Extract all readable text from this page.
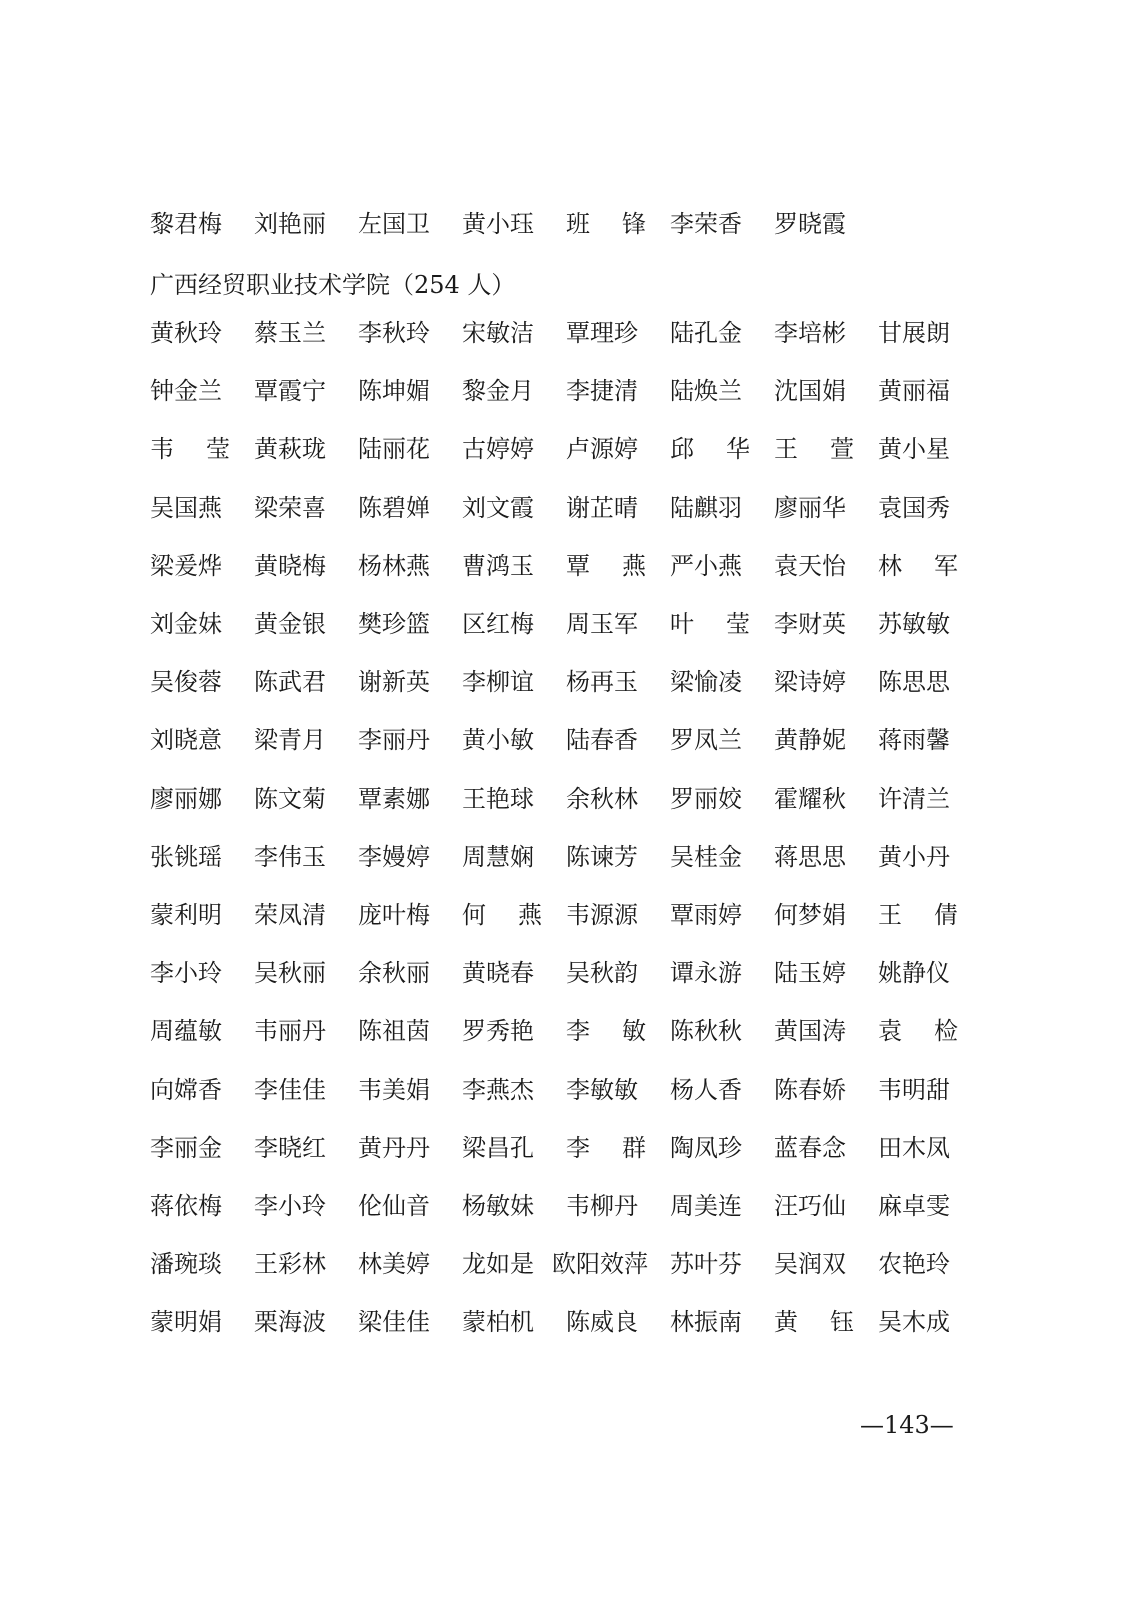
黎君梅 刘艳丽 左国卫 黄小珏 班锋
李荣香 罗晓霞
广西经贸职业技术学院（254 人）
黄秋玲 蔡玉兰 李秋玲 宋敏洁 覃理珍 陆孔金 李培彬 甘展朗
钟金兰 覃霞宁 陈坤媚 黎金月 李捷清 陆焕兰 沈国娟 黄丽福
韦莹
黄萩珑 陆丽花 古婷婷 卢源婷 邱华
王萱
黄小星
吴国燕 梁荣喜 陈碧婵 刘文霞 谢芷晴 陆麒羽 廖丽华 袁国秀
梁爰烨 黄晓梅 杨林燕 曹鸿玉 覃燕
严小燕 袁天怡 林军
刘金妹 黄金银 樊珍篮 区红梅 周玉军 叶莹
李财英 苏敏敏
吴俊蓉 陈武君 谢新英 李柳谊 杨再玉 梁愉凌 梁诗婷 陈思思
刘晓意 梁青月 李丽丹 黄小敏 陆春香 罗凤兰 黄静妮 蒋雨馨
廖丽娜 陈文菊 覃素娜 王艳球 余秋林 罗丽姣 霍耀秋 许清兰
张铫瑶 李伟玉 李嫚婷 周慧娴 陈谏芳 吴桂金 蒋思思 黄小丹
蒙利明 荣凤清 庞叶梅 何燕
韦源源 覃雨婷 何梦娟 王倩
李小玲 吴秋丽 余秋丽 黄晓春 吴秋韵 谭永游 陆玉婷 姚静仪
周蕴敏 韦丽丹 陈祖茵 罗秀艳 李敏
陈秋秋 黄国涛 袁检
向嫦香 李佳佳 韦美娟 李燕杰 李敏敏 杨人香 陈春娇 韦明甜
李丽金 李晓红 黄丹丹 梁昌孔 李群
陶凤珍 蓝春念 田木凤
蒋依梅 李小玲 伦仙音 杨敏妹 韦柳丹 周美连 汪巧仙 麻卓雯
潘琬琰 王彩林 林美婷 龙如是 欧阳效萍 苏叶芬 吴润双 农艳玲
蒙明娟 栗海波 梁佳佳 蒙柏机 陈威良 林振南 黄钰
吴木成
—143—
